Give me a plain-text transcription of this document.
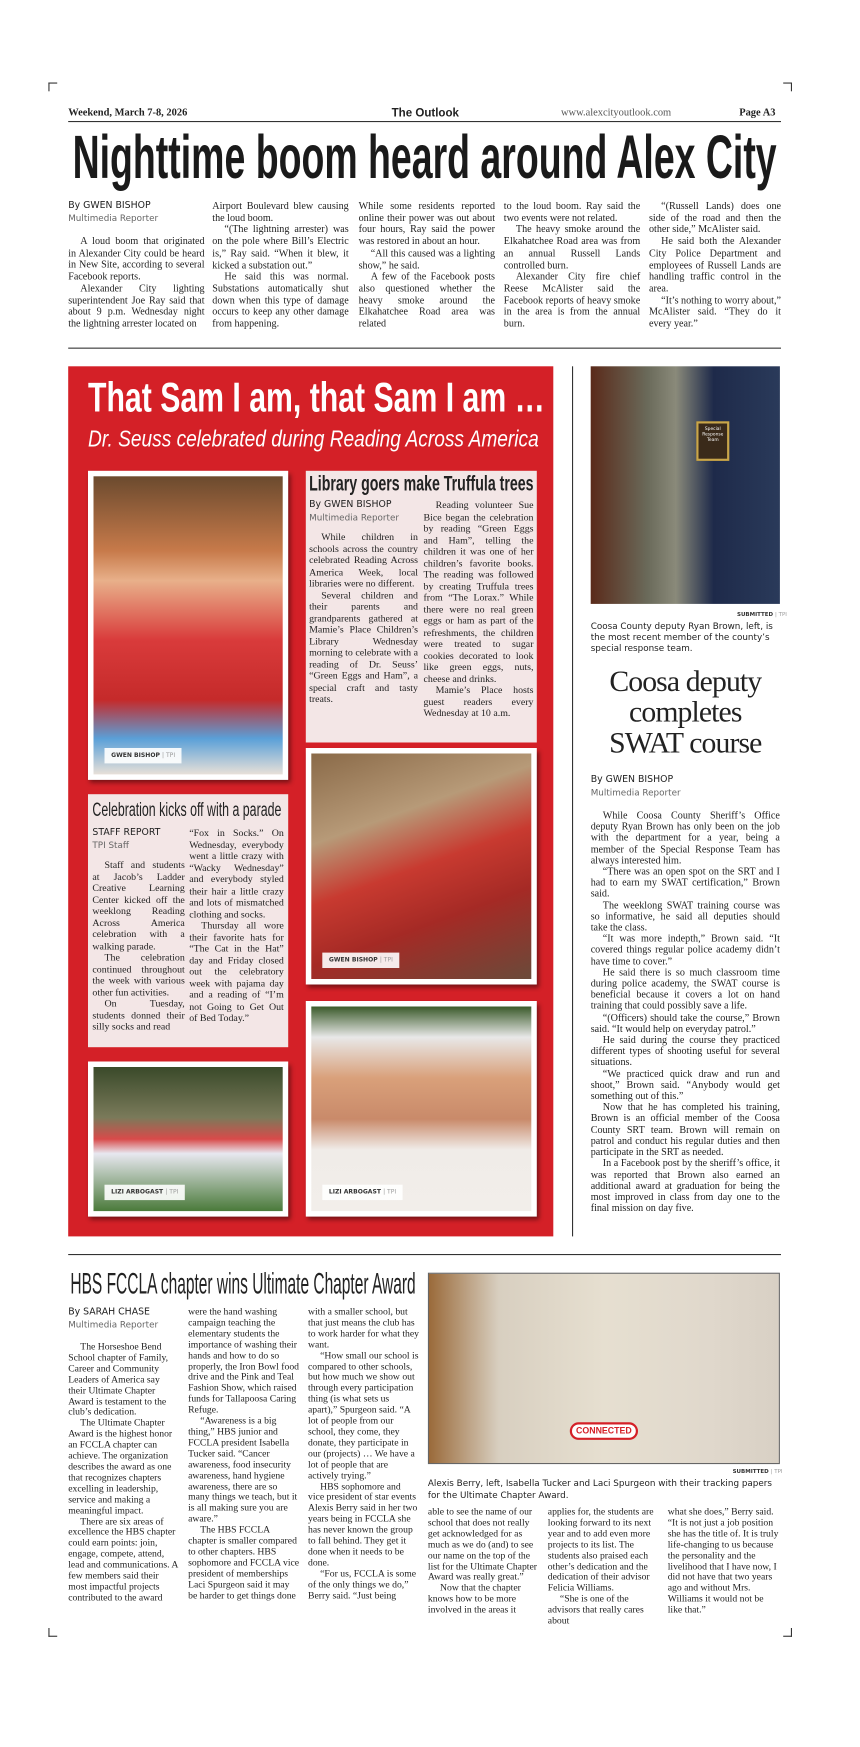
Weekend, March 7-8, 2026	The Outlook	www.alexcityoutlook.com	Page A3
Nighttime boom heard around Alex City

By GWEN BISHOP

Multimedia Reporter

A loud boom that originated in Alexander City could be heard in New Site, according to several Facebook reports.

Alexander City lighting superintendent Joe Ray said that about 9 p.m. Wednesday night the lightning arrester located on

Airport Boulevard blew causing the loud boom.

“(The lightning arrester) was on the pole where Bill’s Electric is,” Ray said. “When it blew, it kicked a substation out.”

He said this was normal. Substations automatically shut down when this type of damage occurs to keep any other damage from happening.

While some residents reported online their power was out about four hours, Ray said the power was restored in about an hour.

“All this caused was a lighting show,” he said.

A few of the Facebook posts also questioned whether the heavy smoke around the Elkahatchee Road area was related

to the loud boom. Ray said the two events were not related.

The heavy smoke around the Elkahatchee Road area was from an annual Russell Lands controlled burn.

Alexander City fire chief Reese McAlister said the Facebook reports of heavy smoke in the area is from the annual burn.

“(Russell Lands) does one side of the road and then the other side,” McAlister said.

He said both the Alexander City Police Department and employees of Russell Lands are handling traffic control in the area.

“It’s nothing to worry about,” McAlister said. “They do it every year.”

That Sam I am, that Sam I am …
Dr. Seuss celebrated during Reading Across America
GWEN BISHOP | TPI
Library goers make Truffula trees

By GWEN BISHOP

Multimedia Reporter

While children in schools across the country celebrated Reading Across America Week, local libraries were no different.

Several children and their parents and grandparents gathered at Mamie’s Place Children’s Library Wednesday morning to celebrate with a reading of Dr. Seuss’ “Green Eggs and Ham”, a special craft and tasty treats.

Reading volunteer Sue Bice began the celebration by reading “Green Eggs and Ham”, telling the children it was one of her children’s favorite books. The reading was followed by creating Truffula trees from “The Lorax.” While there were no real green eggs or ham as part of the refreshments, the children were treated to sugar cookies decorated to look like green eggs, nuts, cheese and drinks.

Mamie’s Place hosts guest readers every Wednesday at 10 a.m.

Celebration kicks off with a parade

STAFF REPORT

TPI Staff

Staff and students at Jacob’s Ladder Creative Learning Center kicked off the weeklong Reading Across America celebration with a walking parade.

The celebration continued throughout the week with various other fun activities.

On Tuesday, students donned their silly socks and read

“Fox in Socks.” On Wednesday, everybody went a little crazy with “Wacky Wednesday” and everybody styled their hair a little crazy and lots of mismatched clothing and socks.

Thursday all wore their favorite hats for “The Cat in the Hat” day and Friday closed out the celebratory week with pajama day and a reading of “I’m not Going to Get Out of Bed Today.”

GWEN BISHOP | TPI
LIZI ARBOGAST | TPI	LIZI ARBOGAST | TPI
Special Response Team
SUBMITTED | TPI
Coosa County deputy Ryan Brown, left, is the most recent member of the county’s special response team.
Coosa deputy completes SWAT course

By GWEN BISHOP

Multimedia Reporter

While Coosa County Sheriff’s Office deputy Ryan Brown has only been on the job with the department for a year, being a member of the Special Response Team has always interested him.

“There was an open spot on the SRT and I had to earn my SWAT certification,” Brown said.

The weeklong SWAT training course was so informative, he said all deputies should take the class.

“It was more indepth,” Brown said. “It covered things regular police academy didn’t have time to cover.”

He said there is so much classroom time during police academy, the SWAT course is beneficial because it covers a lot on hand training that could possibly save a life.

“(Officers) should take the course,” Brown said. “It would help on everyday patrol.”

He said during the course they practiced different types of shooting useful for several situations.

“We practiced quick draw and run and shoot,” Brown said. “Anybody would get something out of this.”

Now that he has completed his training, Brown is an official member of the Coosa County SRT team. Brown will remain on patrol and conduct his regular duties and then participate in the SRT as needed.

In a Facebook post by the sheriff’s office, it was reported that Brown also earned an additional award at graduation for being the most improved in class from day one to the final mission on day five.

HBS FCCLA chapter wins Ultimate Chapter Award
CONNECTED
SUBMITTED | TPI
Alexis Berry, left, Isabella Tucker and Laci Spurgeon with their tracking papers for the Ultimate Chapter Award.

By SARAH CHASE

Multimedia Reporter

The Horseshoe Bend School chapter of Family, Career and Community Leaders of America say their Ultimate Chapter Award is testament to the club’s dedication.

The Ultimate Chapter Award is the highest honor an FCCLA chapter can achieve. The organization describes the award as one that recognizes chapters excelling in leadership, service and making a meaningful impact.

There are six areas of excellence the HBS chapter could earn points: join, engage, compete, attend, lead and communications. A few members said their most impactful projects contributed to the award

were the hand washing campaign teaching the elementary students the importance of washing their hands and how to do so properly, the Iron Bowl food drive and the Pink and Teal Fashion Show, which raised funds for Tallapoosa Caring Refuge.

“Awareness is a big thing,” HBS junior and FCCLA president Isabella Tucker said. “Cancer awareness, food insecurity awareness, hand hygiene awareness, there are so many things we teach, but it is all making sure you are aware.”

The HBS FCCLA chapter is smaller compared to other chapters. HBS sophomore and FCCLA vice president of memberships Laci Spurgeon said it may be harder to get things done

with a smaller school, but that just means the club has to work harder for what they want.

“How small our school is compared to other schools, but how much we show out through every participation thing (is what sets us apart),” Spurgeon said. “A lot of people from our school, they come, they donate, they participate in our (projects) … We have a lot of people that are actively trying.”

HBS sophomore and vice president of star events Alexis Berry said in her two years being in FCCLA she has never known the group to fall behind. They get it done when it needs to be done.

“For us, FCCLA is some of the only things we do,” Berry said. “Just being

able to see the name of our school that does not really get acknowledged for as much as we do (and) to see our name on the top of the list for the Ultimate Chapter Award was really great.”

Now that the chapter knows how to be more involved in the areas it

applies for, the students are looking forward to its next year and to add even more projects to its list. The students also praised each other’s dedication and the dedication of their advisor Felicia Williams.

“She is one of the advisors that really cares about

what she does,” Berry said. “It is not just a job position she has the title of. It is truly life-changing to us because the personality and the livelihood that I have now, I did not have that two years ago and without Mrs. Williams it would not be like that.”
